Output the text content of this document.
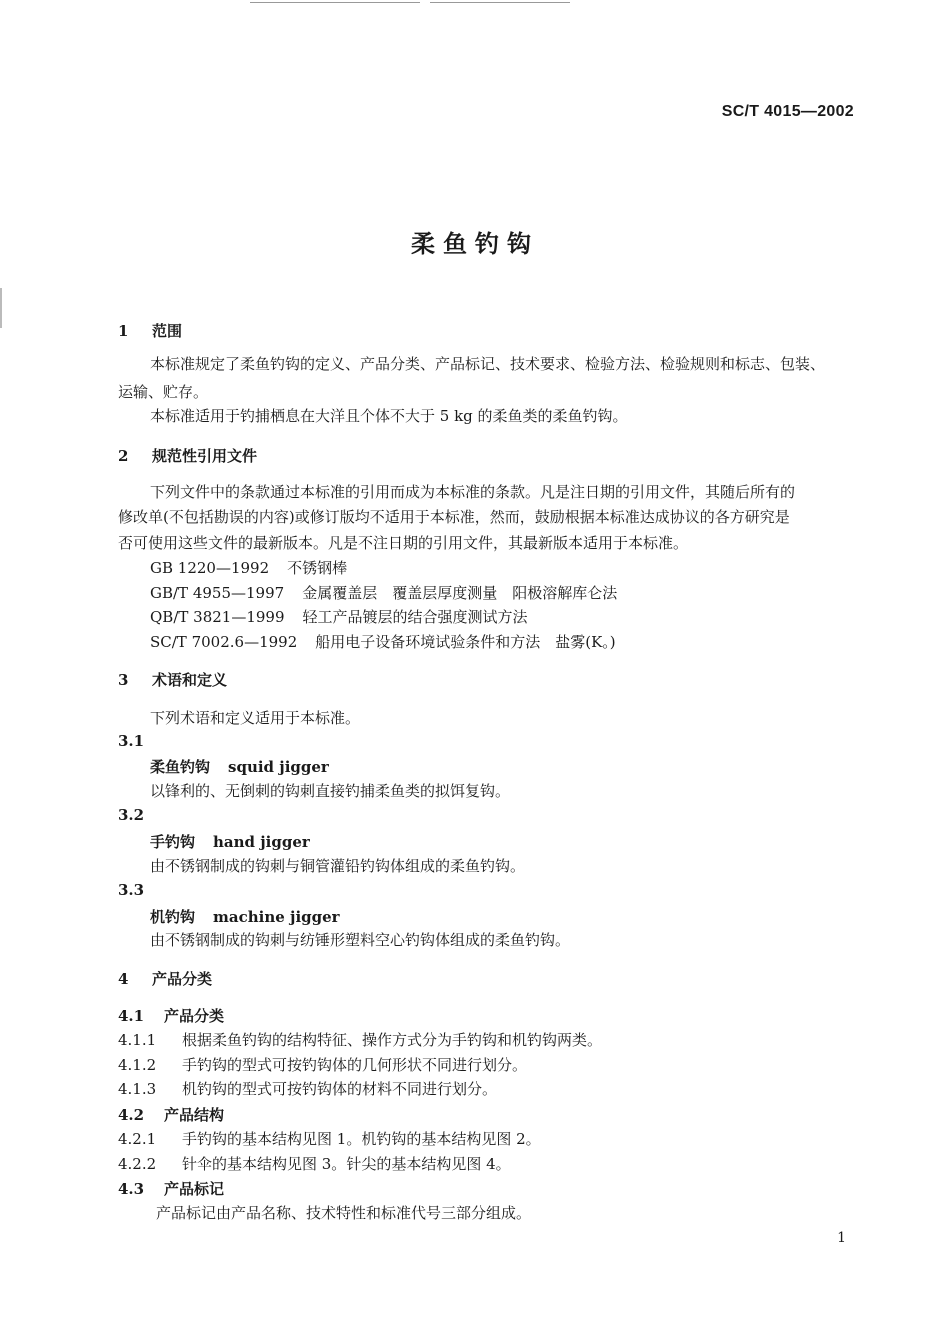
SC/T 4015—2002
柔鱼钓钩
1 范围
本标准规定了柔鱼钓钩的定义、产品分类、产品标记、技术要求、检验方法、检验规则和标志、包装、
运输、贮存。
本标准适用于钓捕栖息在大洋且个体不大于 5 kg 的柔鱼类的柔鱼钓钩。
2 规范性引用文件
下列文件中的条款通过本标准的引用而成为本标准的条款。凡是注日期的引用文件，其随后所有的
修改单(不包括勘误的内容)或修订版均不适用于本标准，然而，鼓励根据本标准达成协议的各方研究是
否可使用这些文件的最新版本。凡是不注日期的引用文件，其最新版本适用于本标准。
GB 1220—1992 不锈钢棒
GB/T 4955—1997 金属覆盖层　覆盖层厚度测量　阳极溶解库仑法
QB/T 3821—1999 轻工产品镀层的结合强度测试方法
SC/T 7002.6—1992 船用电子设备环境试验条件和方法　盐雾(K。)
3 术语和定义
下列术语和定义适用于本标准。
3.1
柔鱼钓钩 squid jigger
以锋利的、无倒刺的钩刺直接钓捕柔鱼类的拟饵复钩。
3.2
手钓钩 hand jigger
由不锈钢制成的钩刺与铜管灌铅钓钩体组成的柔鱼钓钩。
3.3
机钓钩 machine jigger
由不锈钢制成的钩刺与纺锤形塑料空心钓钩体组成的柔鱼钓钩。
4 产品分类
4.1 产品分类
4.1.1 根据柔鱼钓钩的结构特征、操作方式分为手钓钩和机钓钩两类。
4.1.2 手钓钩的型式可按钓钩体的几何形状不同进行划分。
4.1.3 机钓钩的型式可按钓钩体的材料不同进行划分。
4.2 产品结构
4.2.1 手钓钩的基本结构见图 1。机钓钩的基本结构见图 2。
4.2.2 针伞的基本结构见图 3。针尖的基本结构见图 4。
4.3 产品标记
产品标记由产品名称、技术特性和标准代号三部分组成。
1
